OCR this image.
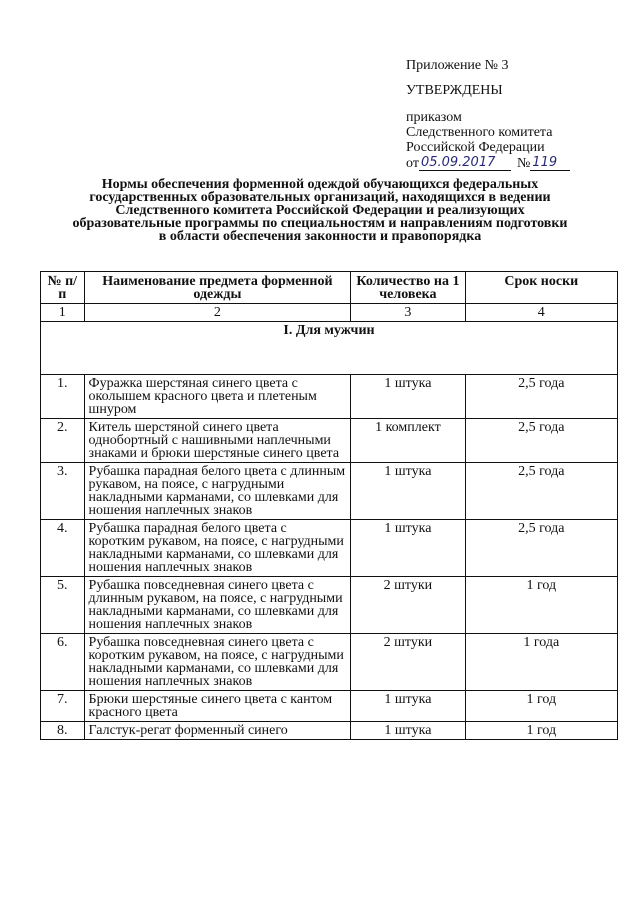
Приложение № 3
УТВЕРЖДЕНЫ
приказом
Следственного комитета
Российской Федерации
от 05.09.2017	№ 119
Нормы обеспечения форменной одеждой обучающихся федеральных государственных образовательных организаций, находящихся в ведении Следственного комитета Российской Федерации и реализующих образовательные программы по специальностям и направлениям подготовки в области обеспечения законности и правопорядка
№ п/п	Наименование предмета форменной одежды	Количество на 1 человека	Срок носки
1	2	3	4
I. Для мужчин			
1.	Фуражка шерстяная синего цвета с околышем красного цвета и плетеным шнуром	1 штука	2,5 года
2.	Китель шерстяной синего цвета однобортный с нашивными наплечными знаками и брюки шерстяные синего цвета	1 комплект	2,5 года
3.	Рубашка парадная белого цвета с длинным рукавом, на поясе, с нагрудными накладными карманами, со шлевками для ношения наплечных знаков	1 штука	2,5 года
4.	Рубашка парадная белого цвета с коротким рукавом, на поясе, с нагрудными накладными карманами, со шлевками для ношения наплечных знаков	1 штука	2,5 года
5.	Рубашка повседневная синего цвета с длинным рукавом, на поясе, с нагрудными накладными карманами, со шлевками для ношения наплечных знаков	2 штуки	1 год
6.	Рубашка повседневная синего цвета с коротким рукавом, на поясе, с нагрудными накладными карманами, со шлевками для ношения наплечных знаков	2 штуки	1 года
7.	Брюки шерстяные синего цвета с кантом красного цвета	1 штука	1 год
8.	Галстук-регат форменный синего	1 штука	1 год
